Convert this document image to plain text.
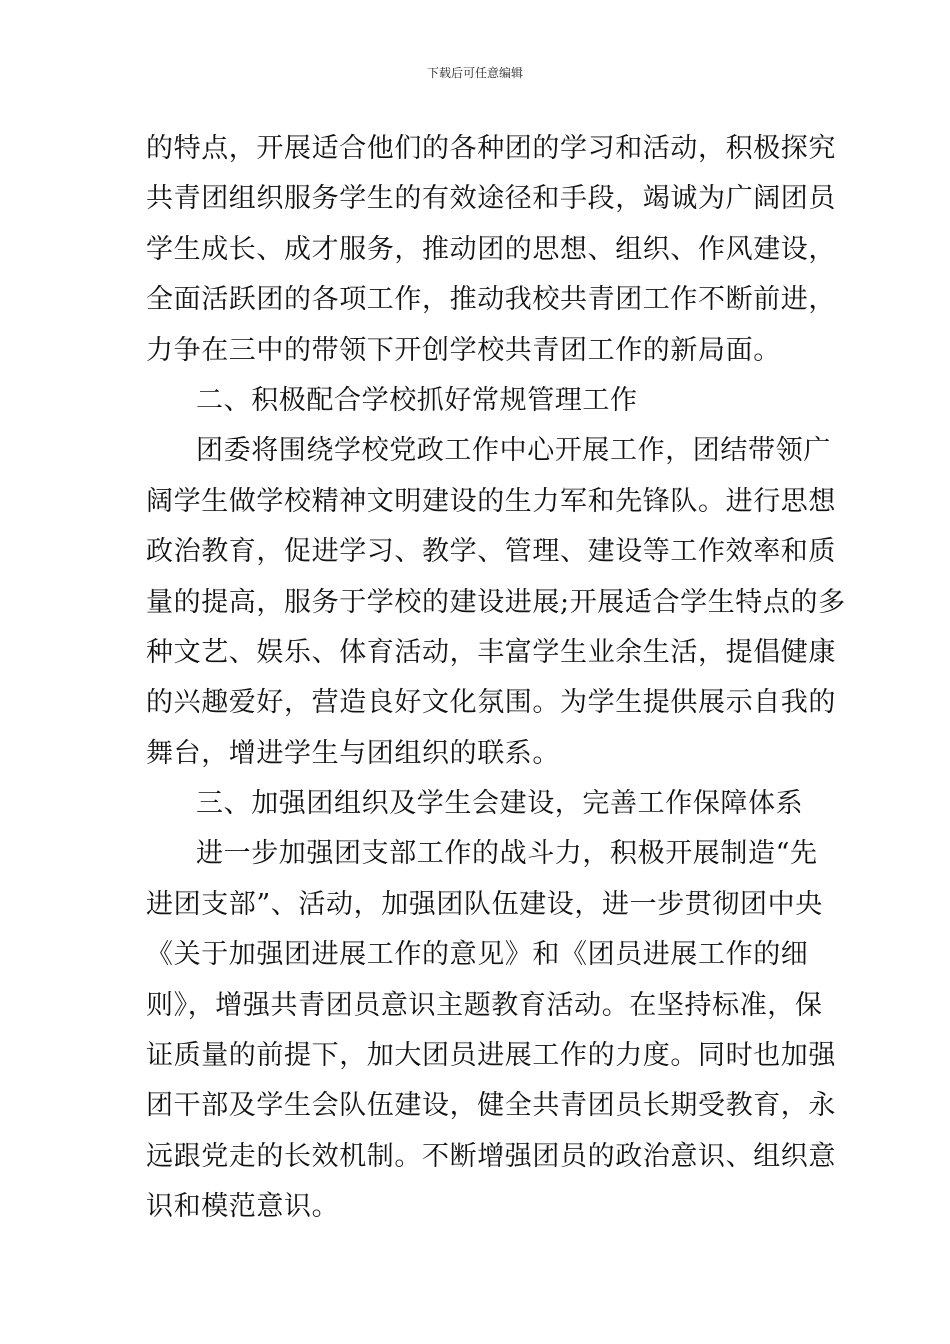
下载后可任意编辑
的特点，开展适合他们的各种团的学习和活动，积极探究
共青团组织服务学生的有效途径和手段，竭诚为广阔团员
学生成长、成才服务，推动团的思想、组织、作风建设，
全面活跃团的各项工作，推动我校共青团工作不断前进，
力争在三中的带领下开创学校共青团工作的新局面。
二、积极配合学校抓好常规管理工作
团委将围绕学校党政工作中心开展工作，团结带领广
阔学生做学校精神文明建设的生力军和先锋队。进行思想
政治教育，促进学习、教学、管理、建设等工作效率和质
量的提高，服务于学校的建设进展;开展适合学生特点的多
种文艺、娱乐、体育活动，丰富学生业余生活，提倡健康
的兴趣爱好，营造良好文化氛围。为学生提供展示自我的
舞台，增进学生与团组织的联系。
三、加强团组织及学生会建设，完善工作保障体系
进一步加强团支部工作的战斗力，积极开展制造“先
进团支部”、活动，加强团队伍建设，进一步贯彻团中央
《关于加强团进展工作的意见》和《团员进展工作的细
则》，增强共青团员意识主题教育活动。在坚持标准，保
证质量的前提下，加大团员进展工作的力度。同时也加强
团干部及学生会队伍建设，健全共青团员长期受教育，永
远跟党走的长效机制。不断增强团员的政治意识、组织意
识和模范意识。
